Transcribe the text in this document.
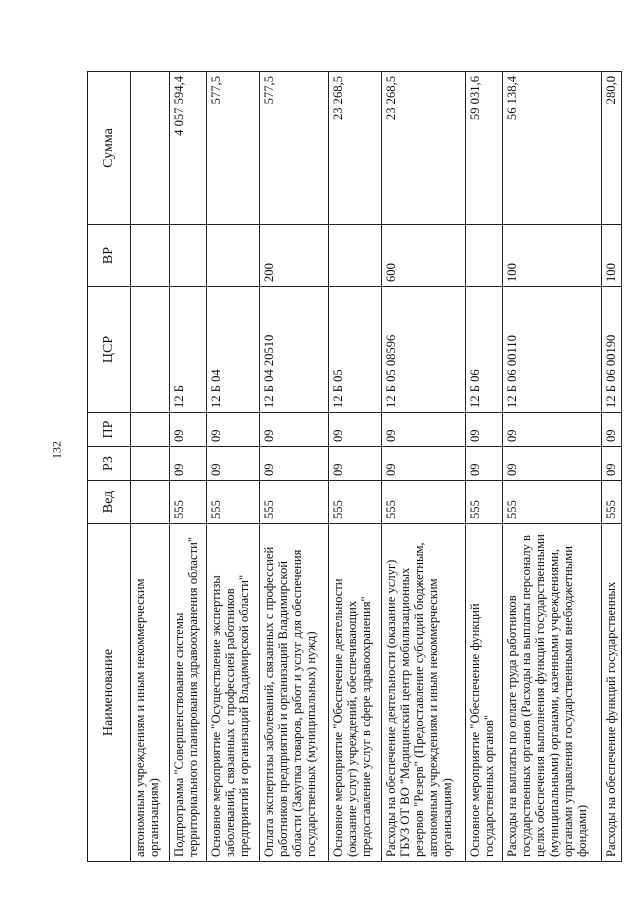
132
Наименование	Вед	РЗ	ПР	ЦСР	ВР	Сумма
автономным учреждениям и иным некоммерческим организациям)						
Подпрограмма "Совершенствование системы территориального планирования здравоохранения области"	555	09	09	12 Б		4 057 594,4
Основное мероприятие "Осуществление экспертизы заболеваний, связанных с профессией работников предприятий и организаций Владимирской области"	555	09	09	12 Б 04		577,5
Оплата экспертизы заболеваний, связанных с профессией работников предприятий и организаций Владимирской области (Закупка товаров, работ и услуг для обеспечения государственных (муниципальных) нужд)	555	09	09	12 Б 04 20510	200	577,5
Основное мероприятие "Обеспечение деятельности (оказание услуг) учреждений, обеспечивающих предоставление услуг в сфере здравоохранения"	555	09	09	12 Б 05		23 268,5
Расходы на обеспечение деятельности (оказание услуг) ГБУЗ ОТ ВО "Медицинский центр мобилизационных резервов "Резерв" (Предоставление субсидий бюджетным, автономным учреждениям и иным некоммерческим организациям)	555	09	09	12 Б 05 08596	600	23 268,5
Основное мероприятие "Обеспечение функций государственных органов"	555	09	09	12 Б 06		59 031,6
Расходы на выплаты по оплате труда работников государственных органов (Расходы на выплаты персоналу в целях обеспечения выполнения функций государственными (муниципальными) органами, казенными учреждениями, органами управления государственными внебюджетными фондами)	555	09	09	12 Б 06 00110	100	56 138,4
Расходы на обеспечение функций государственных	555	09	09	12 Б 06 00190	100	280,0
